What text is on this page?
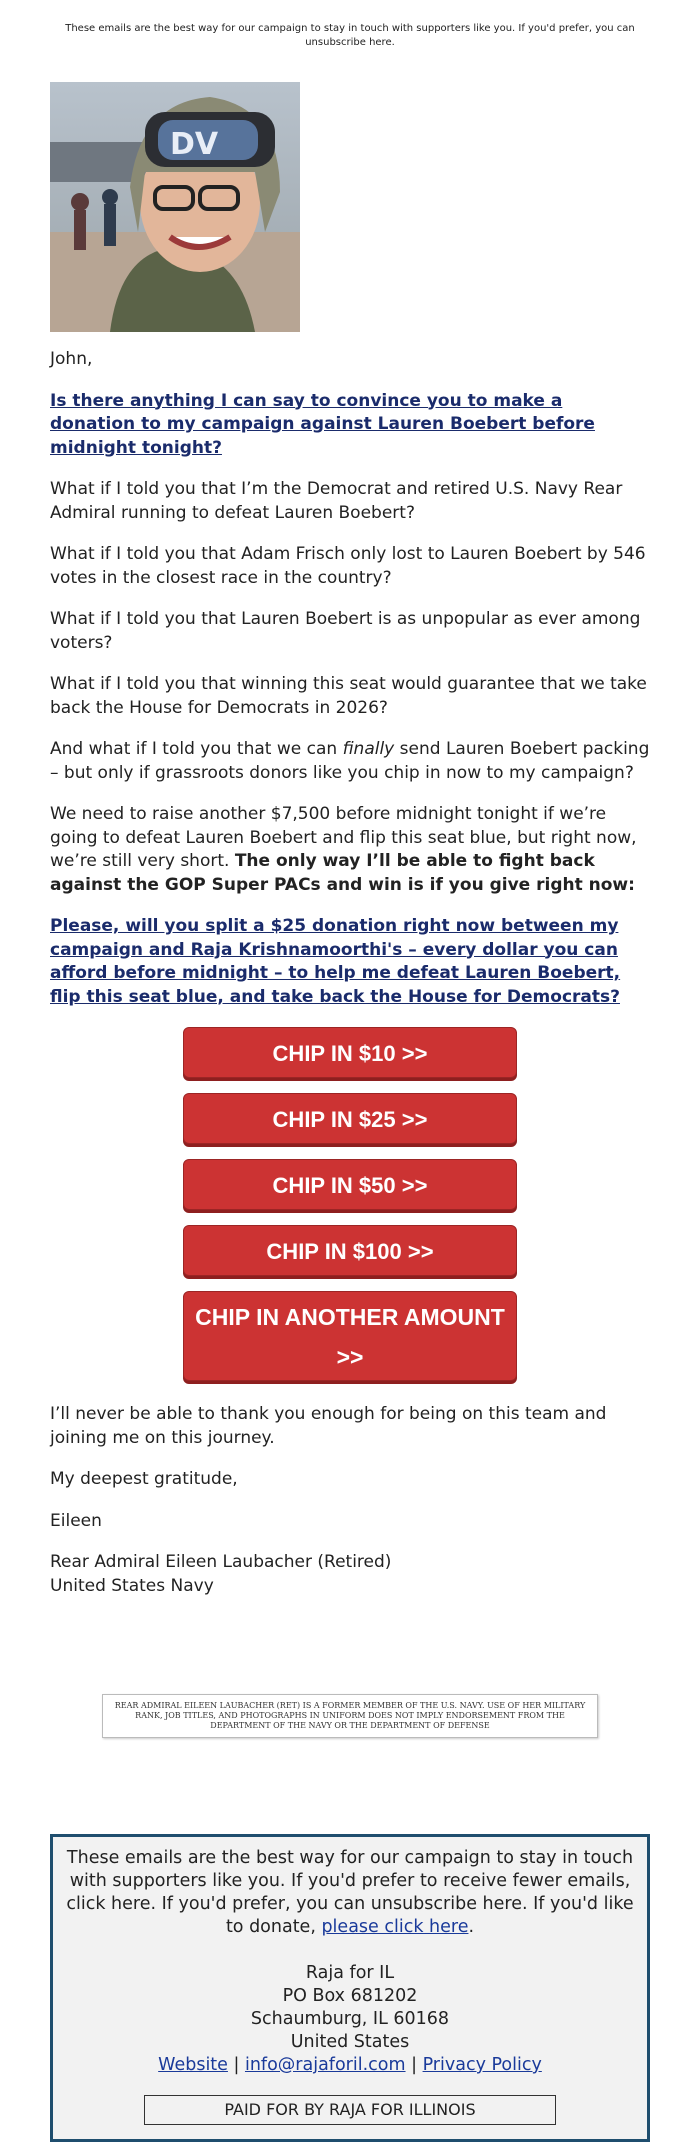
These emails are the best way for our campaign to stay in touch with supporters like you. If you'd prefer, you can unsubscribe here.
DV

John,

Is there anything I can say to convince you to make a donation to my campaign against Lauren Boebert before midnight tonight?

What if I told you that I’m the Democrat and retired U.S. Navy Rear Admiral running to defeat Lauren Boebert?

What if I told you that Adam Frisch only lost to Lauren Boebert by 546 votes in the closest race in the country?

What if I told you that Lauren Boebert is as unpopular as ever among voters?

What if I told you that winning this seat would guarantee that we take back the House for Democrats in 2026?

And what if I told you that we can finally send Lauren Boebert packing – but only if grassroots donors like you chip in now to my campaign?

We need to raise another $7,500 before midnight tonight if we’re going to defeat Lauren Boebert and flip this seat blue, but right now, we’re still very short. The only way I’ll be able to fight back against the GOP Super PACs and win is if you give right now:

Please, will you split a $25 donation right now between my campaign and Raja Krishnamoorthi's – every dollar you can afford before midnight – to help me defeat Lauren Boebert, flip this seat blue, and take back the House for Democrats?

CHIP IN $10 >>
CHIP IN $25 >>
CHIP IN $50 >>
CHIP IN $100 >>
CHIP IN ANOTHER AMOUNT >>

I’ll never be able to thank you enough for being on this team and joining me on this journey.

My deepest gratitude,

Eileen

Rear Admiral Eileen Laubacher (Retired)
United States Navy

REAR ADMIRAL EILEEN LAUBACHER (RET) IS A FORMER MEMBER OF THE U.S. NAVY. USE OF HER MILITARY RANK, JOB TITLES, AND PHOTOGRAPHS IN UNIFORM DOES NOT IMPLY ENDORSEMENT FROM THE DEPARTMENT OF THE NAVY OR THE DEPARTMENT OF DEFENSE
These emails are the best way for our campaign to stay in touch with supporters like you. If you'd prefer to receive fewer emails, click here. If you'd prefer, you can unsubscribe here. If you'd like to donate, please click here.
Raja for IL
PO Box 681202
Schaumburg, IL 60168
United States
Website | info@rajaforil.com | Privacy Policy
PAID FOR BY RAJA FOR ILLINOIS
